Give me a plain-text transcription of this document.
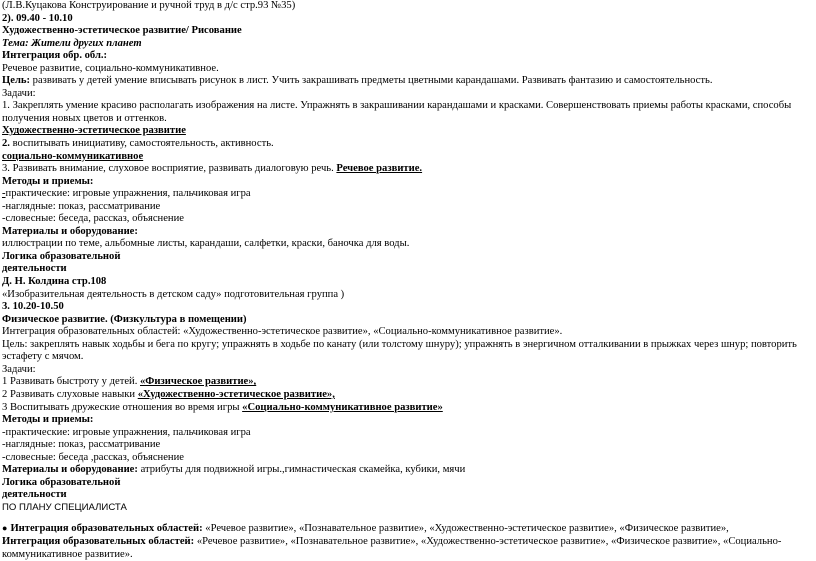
(Л.В.Куцакова Конструирование и ручной труд в д/с стр.93 №35)
2). 09.40 - 10.10
Художественно-эстетическое развитие/ Рисование
Тема: Жители других планет
Интеграция обр. обл.:
Речевое развитие, социально-коммуникативное.
Цель: развивать у детей умение вписывать рисунок в лист. Учить закрашивать предметы цветными карандашами. Развивать фантазию и самостоятельность.
Задачи:
1. Закреплять умение красиво располагать изображения на листе. Упражнять в закрашивании карандашами и красками. Совершенствовать приемы работы красками, способы получения новых цветов и оттенков.
Художественно-эстетическое развитие
2. воспитывать инициативу, самостоятельность, активность.
социально-коммуникативное
3. Развивать внимание, слуховое восприятие, развивать диалоговую речь. Речевое развитие.
Методы и приемы:
-практические: игровые упражнения, пальчиковая игра
-наглядные: показ, рассматривание
-словесные: беседа, рассказ, объяснение
Материалы и оборудование:
иллюстрации по теме, альбомные листы, карандаши, салфетки, краски, баночка для воды.
Логика образовательной
деятельности
Д. Н. Колдина стр.108
«Изобразительная деятельность в детском саду» подготовительная группа )
3. 10.20-10.50
Физическое развитие. (Физкультура в помещении)
Интеграция образовательных областей: «Художественно-эстетическое развитие», «Социально-коммуникативное развитие».
Цель: закреплять навык ходьбы и бега по кругу; упражнять в ходьбе по канату (или толстому шнуру); упражнять в энергичном отталкивании в прыжках через шнур; повторить эстафету с мячом.
Задачи:
1 Развивать быстроту у детей. «Физическое развитие»,
2 Развивать слуховые навыки «Художественно-эстетическое развитие»,
3 Воспитывать дружеские отношения во время игры «Социально-коммуникативное развитие»
Методы и приемы:
-практические: игровые упражнения, пальчиковая игра
-наглядные: показ, рассматривание
-словесные: беседа ,рассказ, объяснение
Материалы и оборудование: атрибуты для подвижной игры.,гимнастическая скамейка, кубики, мячи
Логика образовательной
деятельности
ПО ПЛАНУ СПЕЦИАЛИСТА
● Интеграция образовательных областей: «Речевое развитие», «Познавательное развитие», «Художественно-эстетическое развитие», «Физическое развитие»,
Интеграция образовательных областей: «Речевое развитие», «Познавательное развитие», «Художественно-эстетическое развитие», «Физическое развитие», «Социально-коммуникативное развитие».
